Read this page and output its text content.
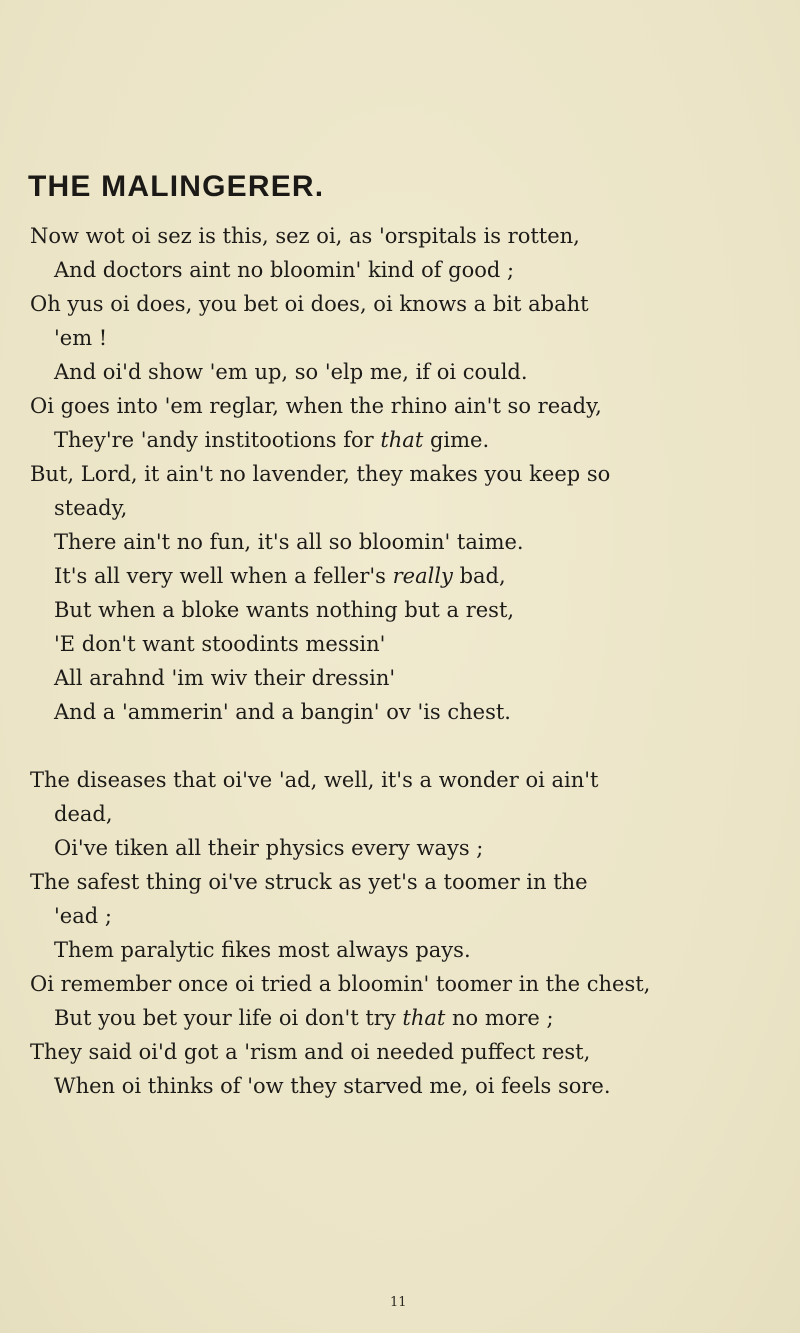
THE MALINGERER.
Now wot oi sez is this, sez oi, as 'orspitals is rotten,
And doctors aint no bloomin' kind of good ;
Oh yus oi does, you bet oi does, oi knows a bit abaht
'em !
And oi'd show 'em up, so 'elp me, if oi could.
Oi goes into 'em reglar, when the rhino ain't so ready,
They're 'andy institootions for that gime.
But, Lord, it ain't no lavender, they makes you keep so
steady,
There ain't no fun, it's all so bloomin' taime.
It's all very well when a feller's really bad,
But when a bloke wants nothing but a rest,
'E don't want stoodints messin'
All arahnd 'im wiv their dressin'
And a 'ammerin' and a bangin' ov 'is chest.
The diseases that oi've 'ad, well, it's a wonder oi ain't
dead,
Oi've tiken all their physics every ways ;
The safest thing oi've struck as yet's a toomer in the
'ead ;
Them paralytic fikes most always pays.
Oi remember once oi tried a bloomin' toomer in the chest,
But you bet your life oi don't try that no more ;
They said oi'd got a 'rism and oi needed puffect rest,
When oi thinks of 'ow they starved me, oi feels sore.
11
